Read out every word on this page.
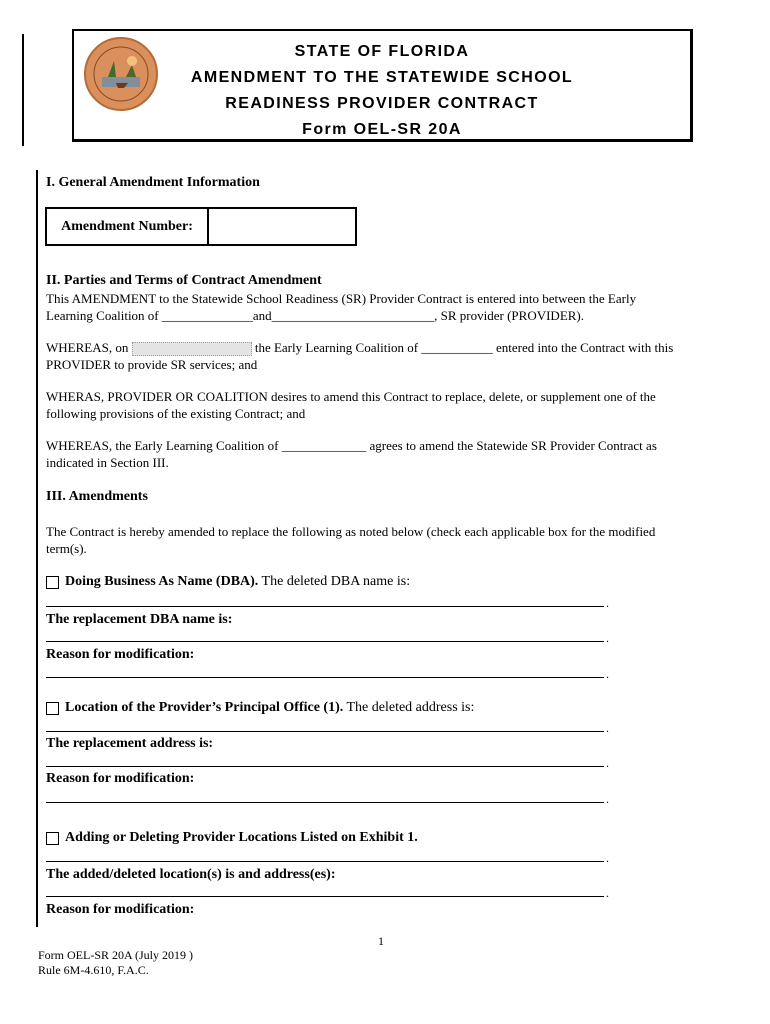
STATE OF FLORIDA
AMENDMENT TO THE STATEWIDE SCHOOL
READINESS PROVIDER CONTRACT
Form OEL-SR 20A
I. General Amendment Information
Amendment Number:
II. Parties and Terms of Contract Amendment
This AMENDMENT to the Statewide School Readiness (SR) Provider Contract is entered into between the Early
Learning Coalition of ______________and_________________________, SR provider (PROVIDER).
WHEREAS, on	the Early Learning Coalition of ___________ entered into the Contract with this
PROVIDER to provide SR services; and
WHERAS, PROVIDER OR COALITION desires to amend this Contract to replace, delete, or supplement one of the
following provisions of the existing Contract; and
WHEREAS, the Early Learning Coalition of _____________ agrees to amend the Statewide SR Provider Contract as
indicated in Section III.
III. Amendments
The Contract is hereby amended to replace the following as noted below (check each applicable box for the modified
term(s).
Doing Business As Name (DBA). The deleted DBA name is:
.
The replacement DBA name is:
.
Reason for modification:
.
Location of the Provider’s Principal Office (1). The deleted address is:
.
The replacement address is:
.
Reason for modification:
.
Adding or Deleting Provider Locations Listed on Exhibit 1.
.
The added/deleted location(s) is and address(es):
.
Reason for modification:
1
Form OEL-SR 20A (July 2019 )
Rule 6M-4.610, F.A.C.
